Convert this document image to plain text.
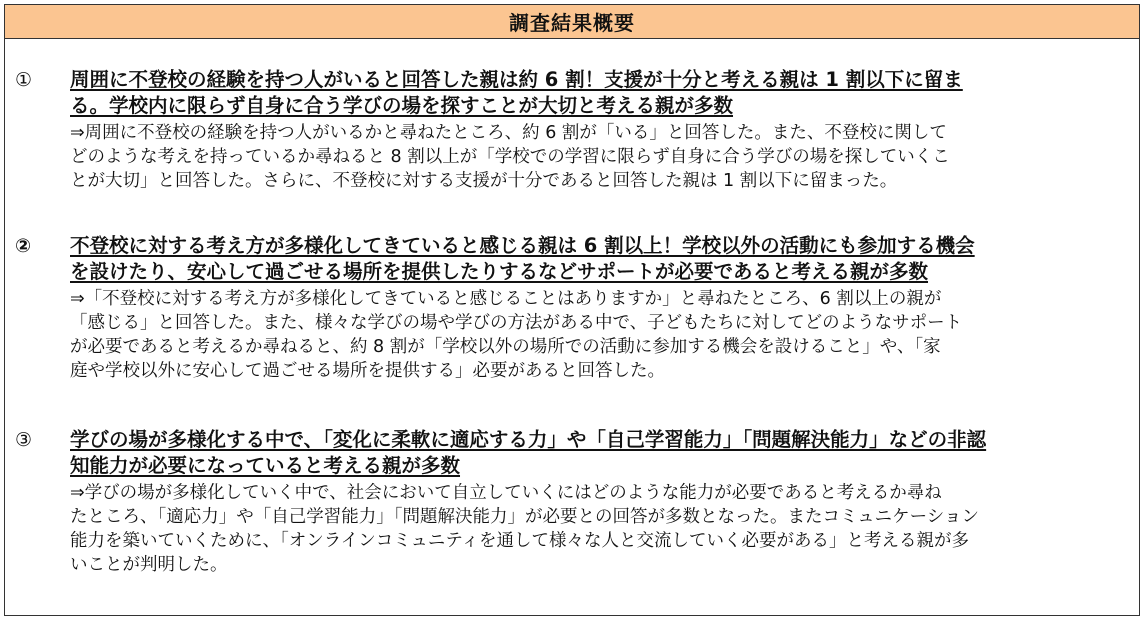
調査結果概要
①	周囲に不登校の経験を持つ人がいると回答した親は約 6 割！支援が十分と考える親は 1 割以下に留ま
る。学校内に限らず自身に合う学びの場を探すことが大切と考える親が多数
⇒周囲に不登校の経験を持つ人がいるかと尋ねたところ、約 6 割が「いる」と回答した。また、不登校に関して
どのような考えを持っているか尋ねると 8 割以上が「学校での学習に限らず自身に合う学びの場を探していくこ
とが大切」と回答した。さらに、不登校に対する支援が十分であると回答した親は 1 割以下に留まった。
②	不登校に対する考え方が多様化してきていると感じる親は 6 割以上！学校以外の活動にも参加する機会
を設けたり、安心して過ごせる場所を提供したりするなどサポートが必要であると考える親が多数
⇒「不登校に対する考え方が多様化してきていると感じることはありますか」と尋ねたところ、6 割以上の親が
「感じる」と回答した。また、様々な学びの場や学びの方法がある中で、子どもたちに対してどのようなサポート
が必要であると考えるか尋ねると、約 8 割が「学校以外の場所での活動に参加する機会を設けること」や、「家
庭や学校以外に安心して過ごせる場所を提供する」必要があると回答した。
③	学びの場が多様化する中で、「変化に柔軟に適応する力」や「自己学習能力」「問題解決能力」などの非認
知能力が必要になっていると考える親が多数
⇒学びの場が多様化していく中で、社会において自立していくにはどのような能力が必要であると考えるか尋ね
たところ、「適応力」や「自己学習能力」「問題解決能力」が必要との回答が多数となった。またコミュニケーション
能力を築いていくために、「オンラインコミュニティを通して様々な人と交流していく必要がある」と考える親が多
いことが判明した。
